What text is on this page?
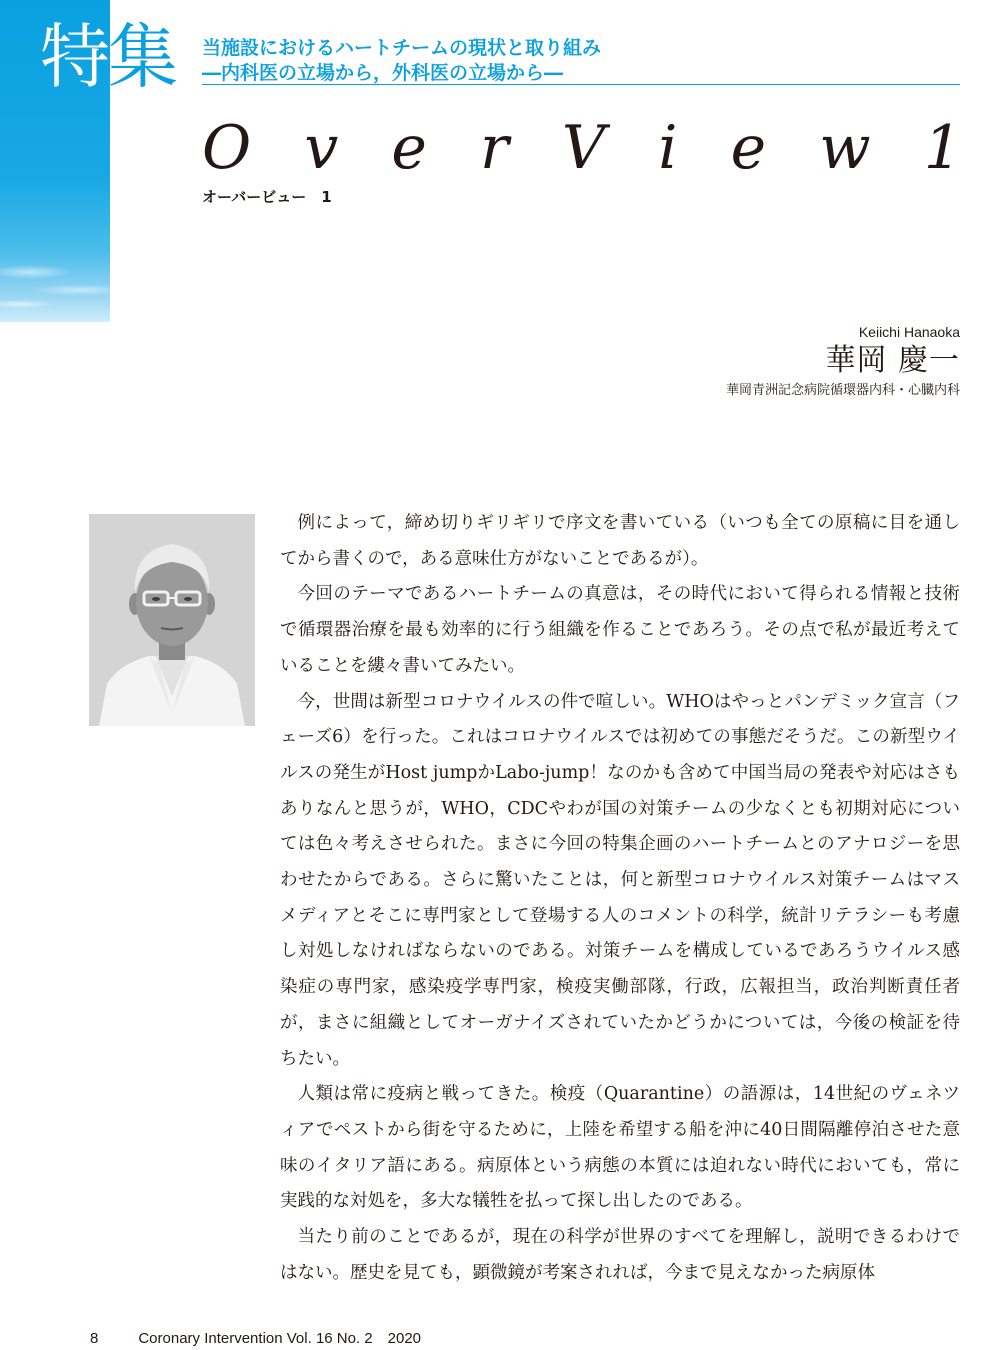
特集 当施設におけるハートチームの現状と取り組み
―内科医の立場から，外科医の立場から―
O v e r V i e w 1
オーバービュー　1
Keiichi Hanaoka
華岡 慶一
華岡青洲記念病院循環器内科・心臓内科

例によって，締め切りギリギリで序文を書いている（いつも全ての原稿に目を通してから書くので，ある意味仕方がないことであるが）。

今回のテーマであるハートチームの真意は，その時代において得られる情報と技術で循環器治療を最も効率的に行う組織を作ることであろう。その点で私が最近考えていることを縷々書いてみたい。

今，世間は新型コロナウイルスの件で喧しい。WHOはやっとパンデミック宣言（フェーズ6）を行った。これはコロナウイルスでは初めての事態だそうだ。この新型ウイルスの発生がHost jumpかLabo-jump！なのかも含めて中国当局の発表や対応はさもありなんと思うが，WHO，CDCやわが国の対策チームの少なくとも初期対応については色々考えさせられた。まさに今回の特集企画のハートチームとのアナロジーを思わせたからである。さらに驚いたことは，何と新型コロナウイルス対策チームはマスメディアとそこに専門家として登場する人のコメントの科学，統計リテラシーも考慮し対処しなければならないのである。対策チームを構成しているであろうウイルス感染症の専門家，感染疫学専門家，検疫実働部隊，行政，広報担当，政治判断責任者が，まさに組織としてオーガナイズされていたかどうかについては，今後の検証を待ちたい。

人類は常に疫病と戦ってきた。検疫（Quarantine）の語源は，14世紀のヴェネツィアでペストから街を守るために，上陸を希望する船を沖に40日間隔離停泊させた意味のイタリア語にある。病原体という病態の本質には迫れない時代においても，常に実践的な対処を，多大な犠牲を払って探し出したのである。

当たり前のことであるが，現在の科学が世界のすべてを理解し，説明できるわけではない。歴史を見ても，顕微鏡が考案されれば，今まで見えなかった病原体

8	Coronary Intervention Vol. 16 No. 2　2020
